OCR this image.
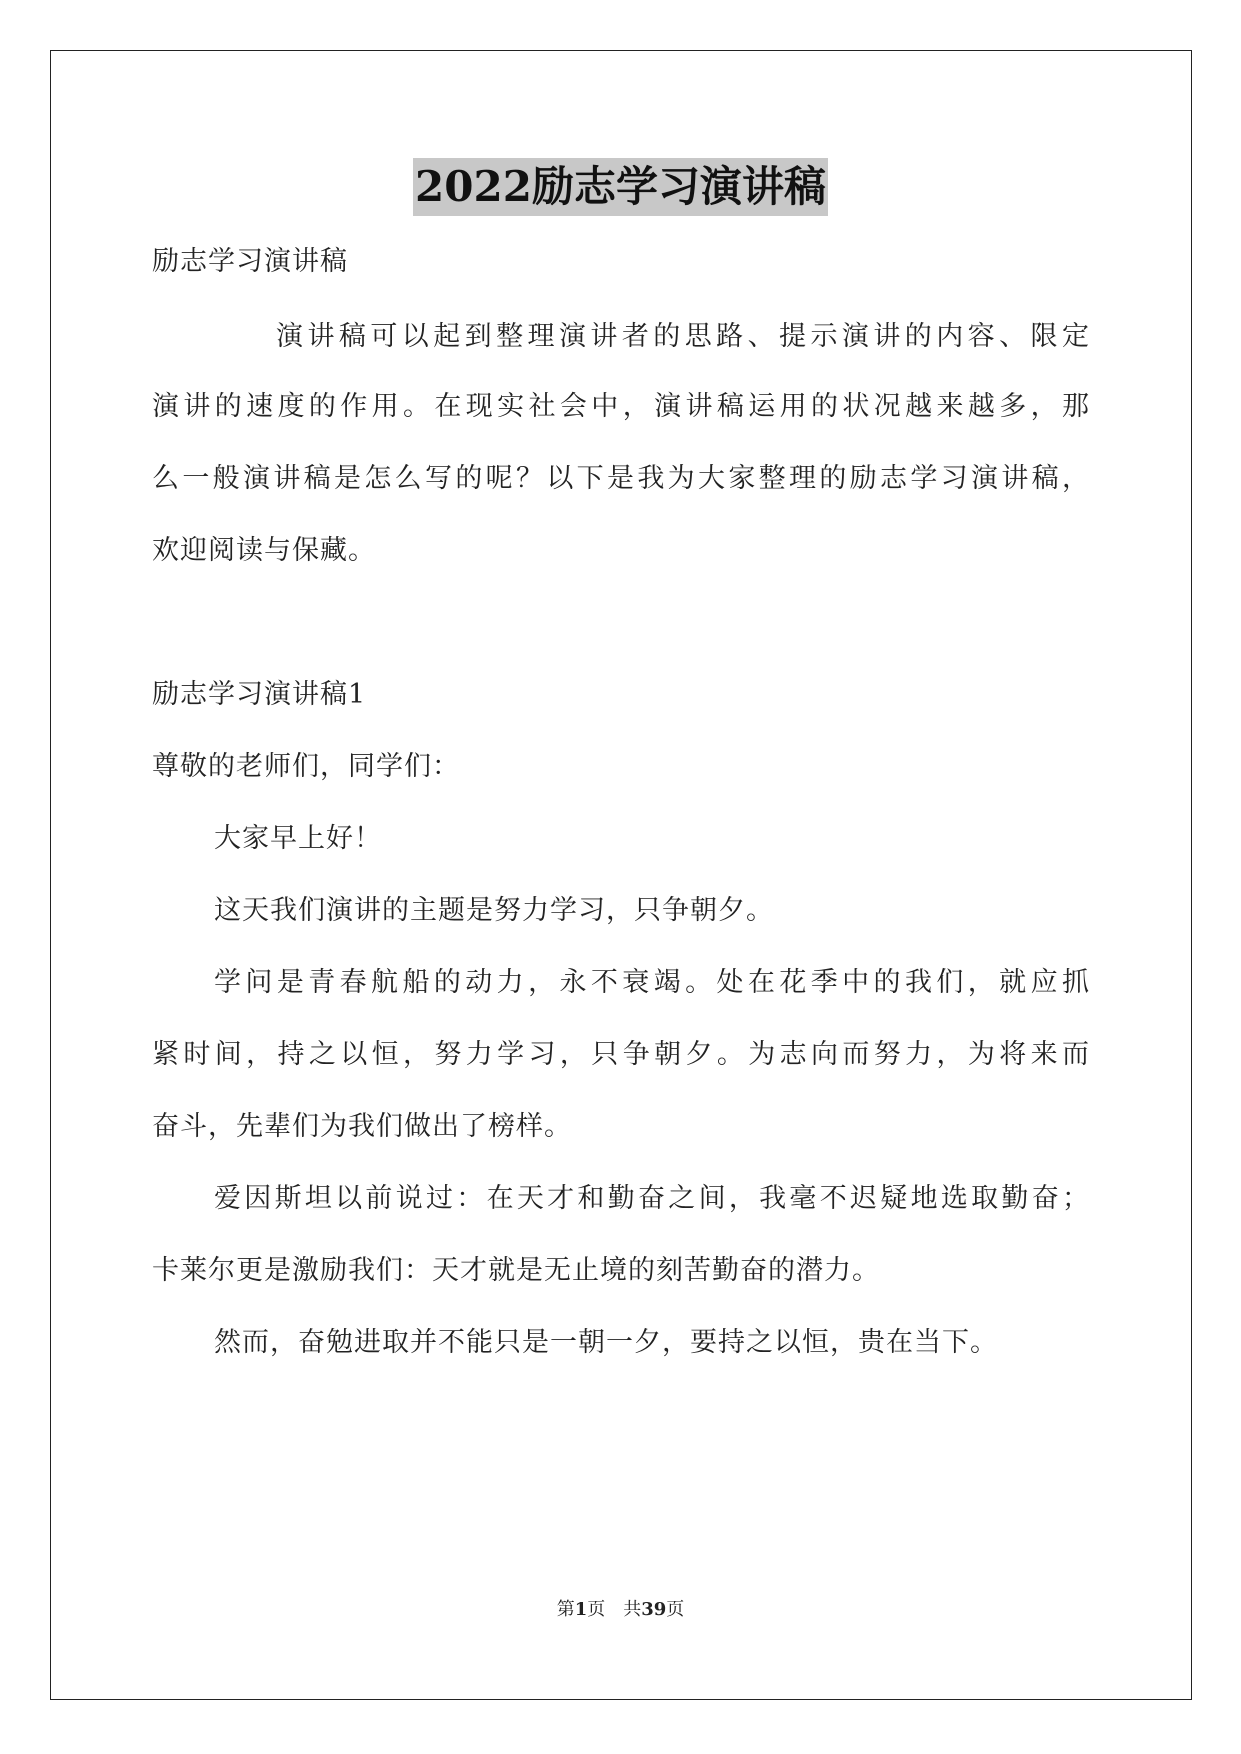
2022励志学习演讲稿
励志学习演讲稿
演讲稿可以起到整理演讲者的思路、提示演讲的内容、限定
演讲的速度的作用。在现实社会中，演讲稿运用的状况越来越多，那
么一般演讲稿是怎么写的呢？以下是我为大家整理的励志学习演讲稿，
欢迎阅读与保藏。
励志学习演讲稿1
尊敬的老师们，同学们：
大家早上好！
这天我们演讲的主题是努力学习，只争朝夕。
学问是青春航船的动力，永不衰竭。处在花季中的我们，就应抓
紧时间，持之以恒，努力学习，只争朝夕。为志向而努力，为将来而
奋斗，先辈们为我们做出了榜样。
爱因斯坦以前说过：在天才和勤奋之间，我毫不迟疑地选取勤奋；
卡莱尔更是激励我们：天才就是无止境的刻苦勤奋的潜力。
然而，奋勉进取并不能只是一朝一夕，要持之以恒，贵在当下。
第1页 共39页
